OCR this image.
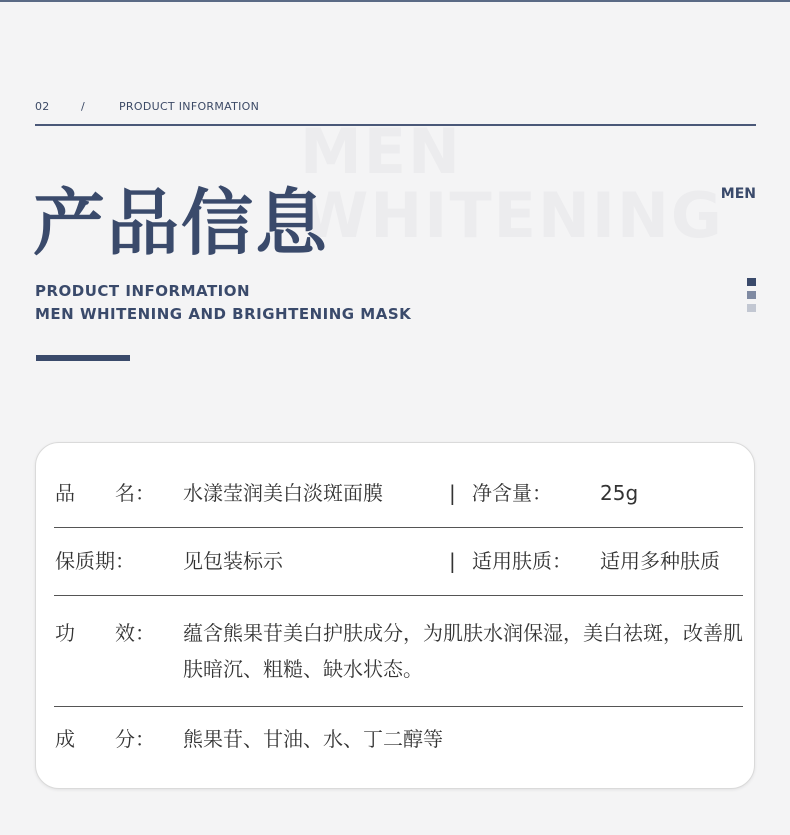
MEN WHITENING
02	/	PRODUCT INFORMATION
产品信息	MEN
PRODUCT INFORMATION
MEN WHITENING AND BRIGHTENING MASK
品　　名： 水漾莹润美白淡斑面膜	| 净含量： 25g
保质期： 见包装标示	| 适用肤质： 适用多种肤质
功　　效： 蕴含熊果苷美白护肤成分，为肌肤水润保湿，美白祛斑，改善肌肤暗沉、粗糙、缺水状态。
成　　分： 熊果苷、甘油、水、丁二醇等
